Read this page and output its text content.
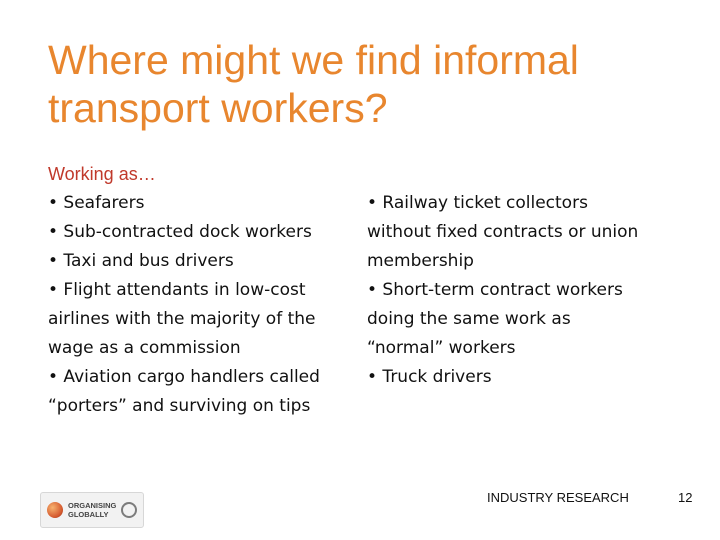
Where might we find informal transport workers?
Working as…
• Seafarers
• Sub-contracted dock workers
• Taxi and bus drivers
• Flight attendants in low-cost
airlines with the majority of the
wage as a commission
• Aviation cargo handlers called
“porters” and surviving on tips
• Railway ticket collectors
without fixed contracts or union
membership
• Short-term contract workers
doing the same work as
“normal” workers
• Truck drivers
ORGANISING
GLOBALLY
INDUSTRY RESEARCH	12
